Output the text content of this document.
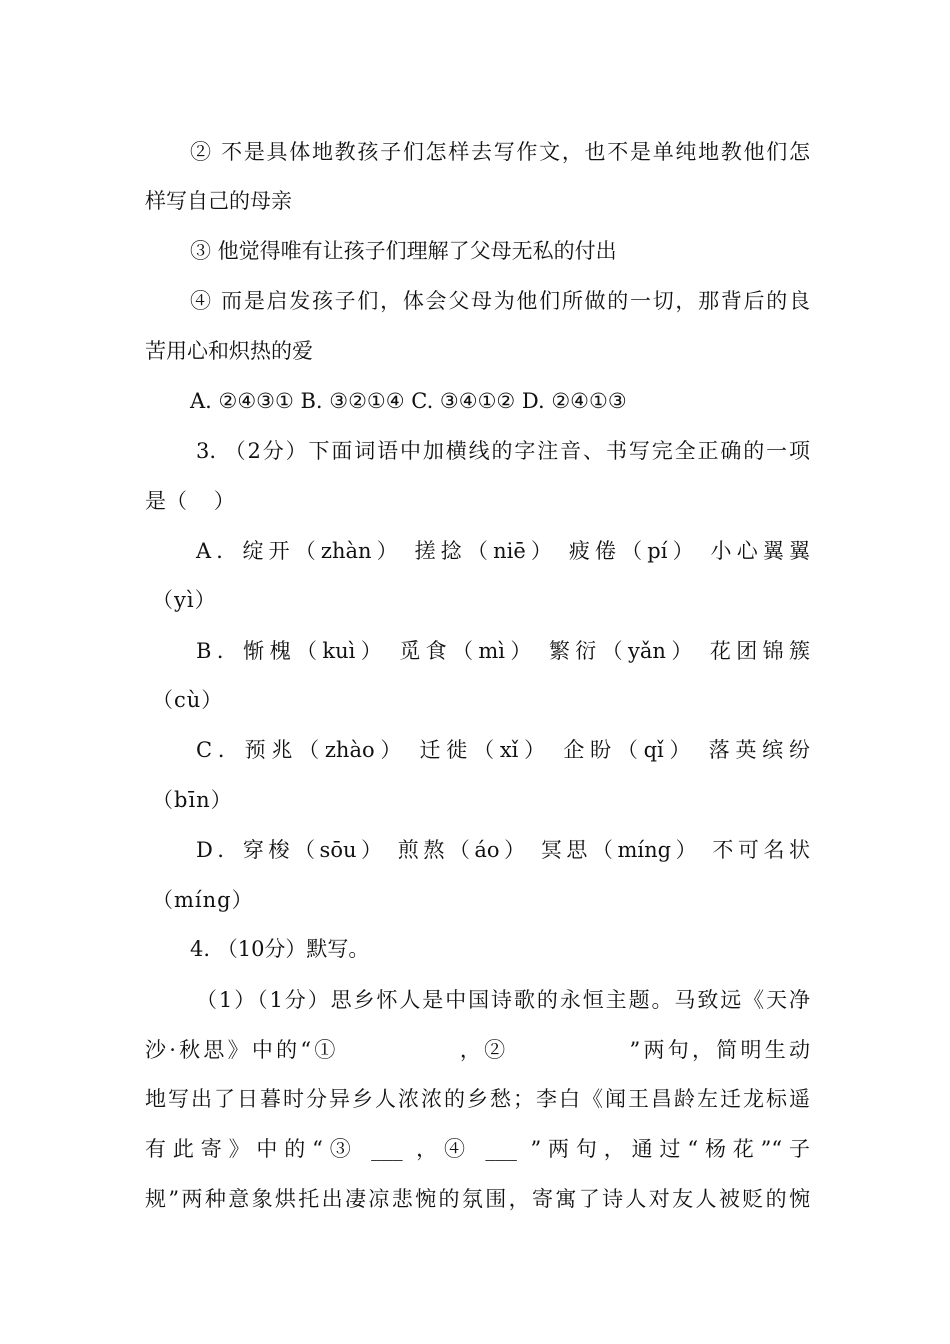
② 不是具体地教孩子们怎样去写作文，也不是单纯地教他们怎
样写自己的母亲
③ 他觉得唯有让孩子们理解了父母无私的付出
④ 而是启发孩子们，体会父母为他们所做的一切，那背后的良
苦用心和炽热的爱
A. ②④③① B. ③②①④ C. ③④①② D. ②④①③
3. （2分）下面词语中加横线的字注音、书写完全正确的一项
是（    ）
A．绽开（zhàn） 搓捻（niē） 疲倦（pí） 小心翼翼
（yì）
B．惭槐（kuì） 觅食（mì） 繁衍（yǎn） 花团锦簇
（cù）
C．预兆（zhào） 迁徙（xǐ） 企盼（qǐ） 落英缤纷
（bīn）
D．穿梭（sōu） 煎熬（áo） 冥思（míng） 不可名状
（míng）
4. （10分）默写。
（1）（1分）思乡怀人是中国诗歌的永恒主题。马致远《天净
沙·秋思》中的“①　　　　　，②　　　　　”两句，简明生动
地写出了日暮时分异乡人浓浓的乡愁；李白《闻王昌龄左迁龙标遥
有此寄》中的“③ ___ ，④ ___ ”两句，通过“杨花”“子
规”两种意象烘托出凄凉悲惋的氛围，寄寓了诗人对友人被贬的惋
